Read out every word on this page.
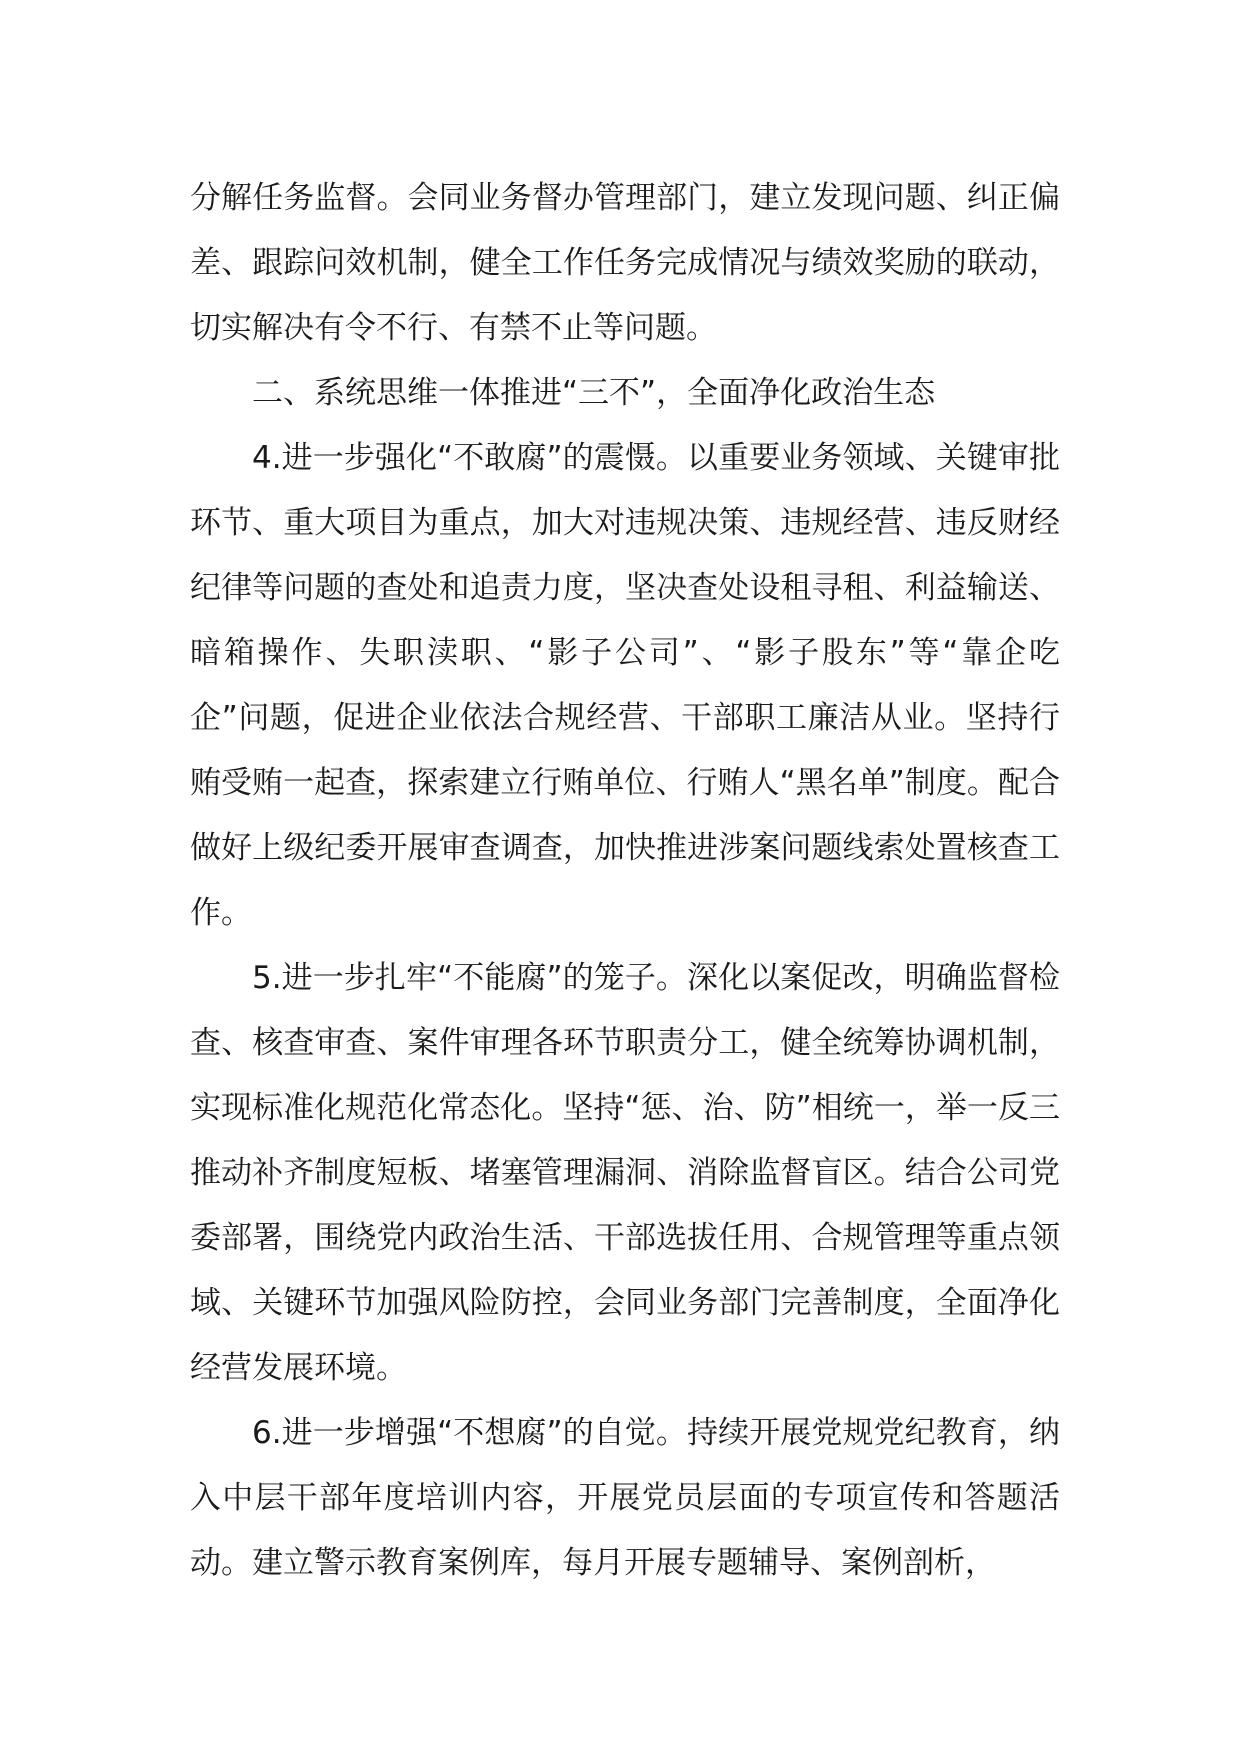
分解任务监督。会同业务督办管理部门，建立发现问题、纠正偏差、跟踪问效机制，健全工作任务完成情况与绩效奖励的联动，切实解决有令不行、有禁不止等问题。

二、系统思维一体推进“三不”，全面净化政治生态

4.进一步强化“不敢腐”的震慑。以重要业务领域、关键审批环节、重大项目为重点，加大对违规决策、违规经营、违反财经纪律等问题的查处和追责力度，坚决查处设租寻租、利益输送、暗箱操作、失职渎职、“影子公司”、“影子股东”等“靠企吃企”问题，促进企业依法合规经营、干部职工廉洁从业。坚持行贿受贿一起查，探索建立行贿单位、行贿人“黑名单”制度。配合做好上级纪委开展审查调查，加快推进涉案问题线索处置核查工作。

5.进一步扎牢“不能腐”的笼子。深化以案促改，明确监督检查、核查审查、案件审理各环节职责分工，健全统筹协调机制，实现标准化规范化常态化。坚持“惩、治、防”相统一，举一反三推动补齐制度短板、堵塞管理漏洞、消除监督盲区。结合公司党委部署，围绕党内政治生活、干部选拔任用、合规管理等重点领域、关键环节加强风险防控，会同业务部门完善制度，全面净化经营发展环境。

6.进一步增强“不想腐”的自觉。持续开展党规党纪教育，纳入中层干部年度培训内容，开展党员层面的专项宣传和答题活动。建立警示教育案例库，每月开展专题辅导、案例剖析，
